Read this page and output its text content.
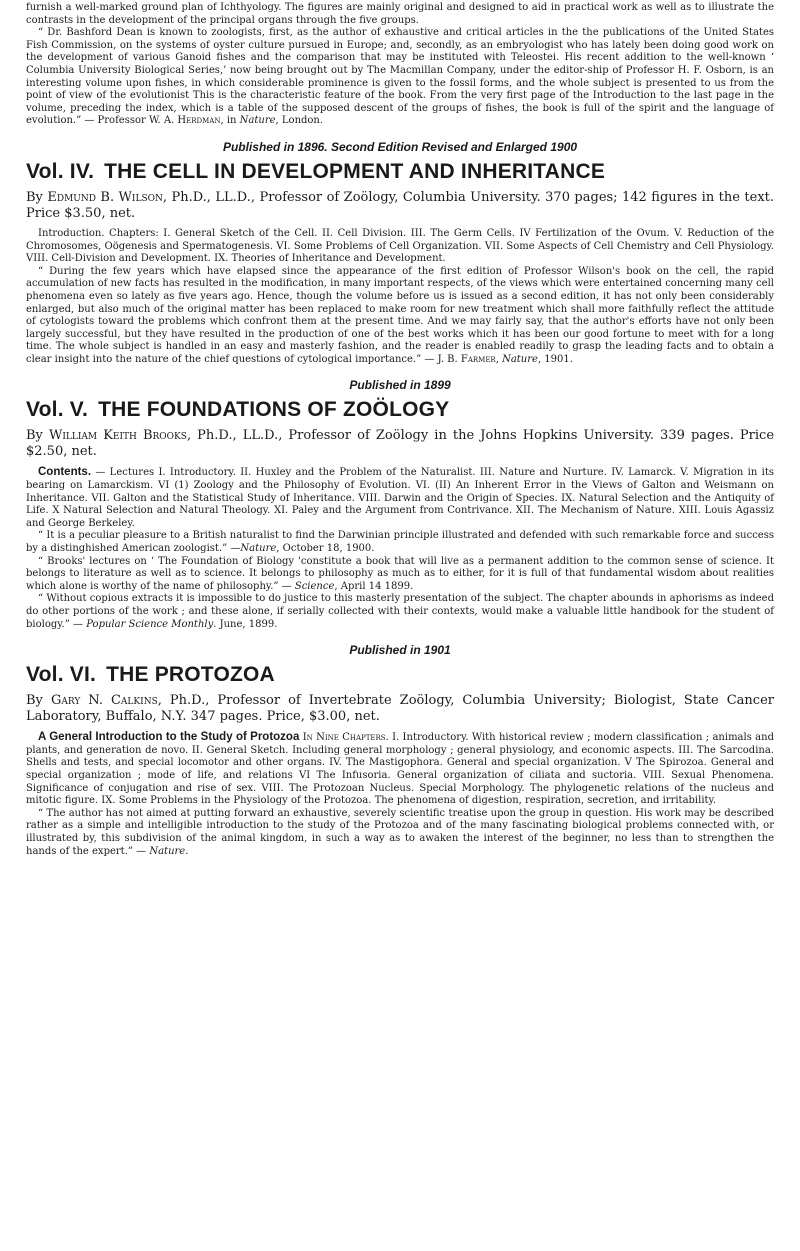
furnish a well-marked ground plan of Ichthyology. The figures are mainly original and designed to aid in practical work as well as to illustrate the contrasts in the development of the principal organs through the five groups.

“ Dr. Bashford Dean is known to zoologists, first, as the author of exhaustive and critical articles in the the publications of the United States Fish Commission, on the systems of oyster culture pursued in Europe; and, secondly, as an embryologist who has lately been doing good work on the development of various Ganoid fishes and the comparison that may be instituted with Teleostei. His recent addition to the well-known ‘ Columbia University Biological Series,’ now being brought out by The Macmillan Company, under the editor-ship of Professor H. F. Osborn, is an interesting volume upon fishes, in which considerable prominence is given to the fossil forms, and the whole subject is presented to us from the point of view of the evolutionist This is the characteristic feature of the book. From the very first page of the Introduction to the last page in the volume, preceding the index, which is a table of the supposed descent of the groups of fishes, the book is full of the spirit and the language of evolution.” — Professor W. A. Herdman, in Nature, London.

Published in 1896. Second Edition Revised and Enlarged 1900
Vol. IV. THE CELL IN DEVELOPMENT AND INHERITANCE

By Edmund B. Wilson, Ph.D., LL.D., Professor of Zoölogy, Columbia University. 370 pages; 142 figures in the text. Price $3.50, net.

Introduction. Chapters: I. General Sketch of the Cell. II. Cell Division. III. The Germ Cells. IV Fertilization of the Ovum. V. Reduction of the Chromosomes, Oögenesis and Spermatogenesis. VI. Some Problems of Cell Organization. VII. Some Aspects of Cell Chemistry and Cell Physiology. VIII. Cell-Division and Development. IX. Theories of Inheritance and Development.

“ During the few years which have elapsed since the appearance of the first edition of Professor Wilson's book on the cell, the rapid accumulation of new facts has resulted in the modification, in many important respects, of the views which were entertained concerning many cell phenomena even so lately as five years ago. Hence, though the volume before us is issued as a second edition, it has not only been considerably enlarged, but also much of the original matter has been replaced to make room for new treatment which shall more faithfully reflect the attitude of cytologists toward the problems which confront them at the present time. And we may fairly say, that the author's efforts have not only been largely successful, but they have resulted in the production of one of the best works which it has been our good fortune to meet with for a long time. The whole subject is handled in an easy and masterly fashion, and the reader is enabled readily to grasp the leading facts and to obtain a clear insight into the nature of the chief questions of cytological importance.” — J. B. Farmer, Nature, 1901.

Published in 1899
Vol. V. THE FOUNDATIONS OF ZOÖLOGY

By William Keith Brooks, Ph.D., LL.D., Professor of Zoölogy in the Johns Hopkins University. 339 pages. Price $2.50, net.

Contents. — Lectures I. Introductory. II. Huxley and the Problem of the Naturalist. III. Nature and Nurture. IV. Lamarck. V. Migration in its bearing on Lamarckism. VI (1) Zoology and the Philosophy of Evolution. VI. (II) An Inherent Error in the Views of Galton and Weismann on Inheritance. VII. Galton and the Statistical Study of Inheritance. VIII. Darwin and the Origin of Species. IX. Natural Selection and the Antiquity of Life. X Natural Selection and Natural Theology. XI. Paley and the Argument from Contrivance. XII. The Mechanism of Nature. XIII. Louis Agassiz and George Berkeley.

“ It is a peculiar pleasure to a British naturalist to find the Darwinian principle illustrated and defended with such remarkable force and success by a distinghished American zoologist.” —Nature, October 18, 1900.

“ Brooks' lectures on ‘ The Foundation of Biology 'constitute a book that will live as a permanent addition to the common sense of science. It belongs to literature as well as to science. It belongs to philosophy as much as to either, for it is full of that fundamental wisdom about realities which alone is worthy of the name of philosophy.” — Science, April 14 1899.

“ Without copious extracts it is impossible to do justice to this masterly presentation of the subject. The chapter abounds in aphorisms as indeed do other portions of the work ; and these alone, if serially collected with their contexts, would make a valuable little handbook for the student of biology.” — Popular Science Monthly. June, 1899.

Published in 1901
Vol. VI. THE PROTOZOA

By Gary N. Calkins, Ph.D., Professor of Invertebrate Zoölogy, Columbia University; Biologist, State Cancer Laboratory, Buffalo, N.Y. 347 pages. Price, $3.00, net.

A General Introduction to the Study of Protozoa In Nine Chapters. I. Introductory. With historical review ; modern classification ; animals and plants, and generation de novo. II. General Sketch. Including general morphology ; general physiology, and economic aspects. III. The Sarcodina. Shells and tests, and special locomotor and other organs. IV. The Mastigophora. General and special organization. V The Spirozoa. General and special organization ; mode of life, and relations VI The Infusoria. General organization of ciliata and suctoria. VIII. Sexual Phenomena. Significance of conjugation and rise of sex. VIII. The Protozoan Nucleus. Special Morphology. The phylogenetic relations of the nucleus and mitotic figure. IX. Some Problems in the Physiology of the Protozoa. The phenomena of digestion, respiration, secretion, and irritability.

“ The author has not aimed at putting forward an exhaustive, severely scientific treatise upon the group in question. His work may be described rather as a simple and intelligible introduction to the study of the Protozoa and of the many fascinating biological problems connected with, or illustrated by, this subdivision of the animal kingdom, in such a way as to awaken the interest of the beginner, no less than to strengthen the hands of the expert.” — Nature.
